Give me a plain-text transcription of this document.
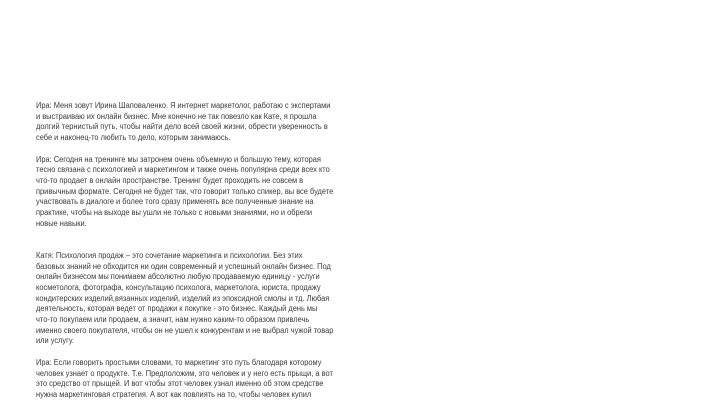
Ира: Меня зовут Ирина Шаповаленко. Я интернет маркетолог, работаю с экспертами
и выстраиваю их онлайн бизнес. Мне конечно не так повезло как Кате, я прошла
долгий тернистый путь, чтобы найти дело всей своей жизни, обрести уверенность в
себе и наконец-то любить то дело, которым занимаюсь.
Ира: Сегодня на тренинге мы затронем очень объемную и большую тему, которая
тесно связана с психологией и маркетингом и также очень популярна среди всех кто
что-то продает в онлайн пространстве. Тренинг будет проходить не совсем в
привычным формате. Сегодня не будет так, что говорит только спикер, вы все будете
участвовать в диалоге и более того сразу применять все полученные знание на
практике, чтобы на выходе вы ушли не только с новыми знаниями, но и обрели
новые навыки.
Катя: Психология продаж – это сочетание маркетинга и психологии. Без этих
базовых знаний не обходится ни один современный и успешный онлайн бизнес. Под
онлайн бизнесом мы понимаем абсолютно любую продаваемую единицу - услуги
косметолога, фотографа, консультацию психолога, маркетолога, юриста, продажу
кондитерских изделий,вязанных изделий, изделий из эпоксидной смолы и тд. Любая
деятельность, которая ведет от продажи к покупке - это бизнес. Каждый день мы
что-то покупаем или продаем, а значит, нам нужно каким-то образом привлечь
именно своего покупателя, чтобы он не ушел к конкурентам и не выбрал чужой товар
или услугу.
Ира: Если говорить простыми словами, то маркетинг это путь благодаря которому
человек узнает о продукте. Т.е. Предположим, это человек и у него есть прыщи, а вот
это средство от прыщей. И вот чтобы этот человек узнал именно об этом средстве
нужна маркетинговая стратегия. А вот как повлиять на то, чтобы человек купил
